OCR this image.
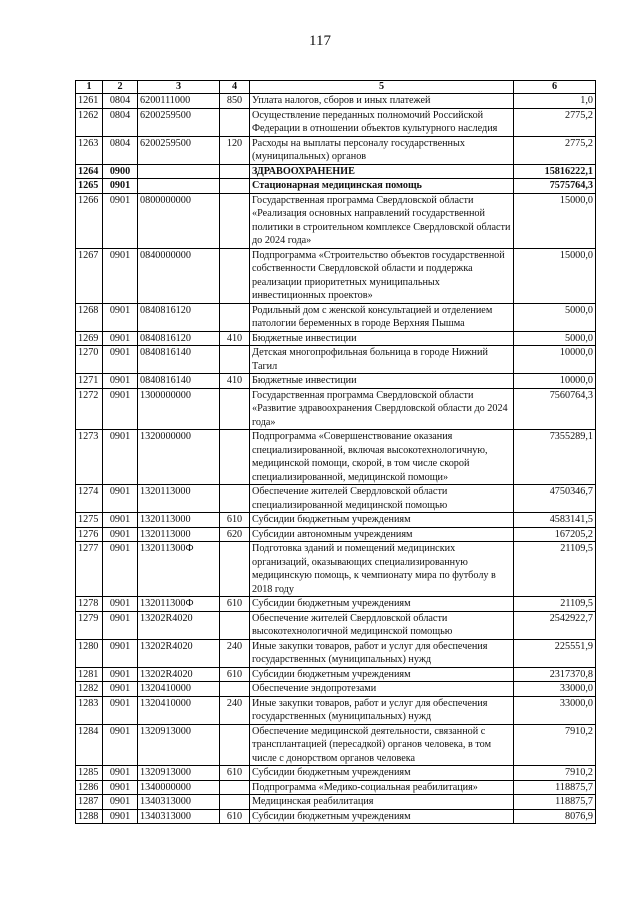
117
1	2	3	4	5	6
1261	0804	6200111000	850	Уплата налогов, сборов и иных платежей	1,0
1262	0804	6200259500		Осуществление переданных полномочий Российской Федерации в отношении объектов культурного наследия	2775,2
1263	0804	6200259500	120	Расходы на выплаты персоналу государственных (муниципальных) органов	2775,2
1264	0900			ЗДРАВООХРАНЕНИЕ	15816222,1
1265	0901			Стационарная медицинская помощь	7575764,3
1266	0901	0800000000		Государственная программа Свердловской области «Реализация основных направлений государственной политики в строительном комплексе Свердловской области до 2024 года»	15000,0
1267	0901	0840000000		Подпрограмма «Строительство объектов государственной собственности Свердловской области и поддержка реализации приоритетных муниципальных инвестиционных проектов»	15000,0
1268	0901	0840816120		Родильный дом с женской консультацией и отделением патологии беременных в городе Верхняя Пышма	5000,0
1269	0901	0840816120	410	Бюджетные инвестиции	5000,0
1270	0901	0840816140		Детская многопрофильная больница в городе Нижний Тагил	10000,0
1271	0901	0840816140	410	Бюджетные инвестиции	10000,0
1272	0901	1300000000		Государственная программа Свердловской области «Развитие здравоохранения Свердловской области до 2024 года»	7560764,3
1273	0901	1320000000		Подпрограмма «Совершенствование оказания специализированной, включая высокотехнологичную, медицинской помощи, скорой, в том числе скорой специализированной, медицинской помощи»	7355289,1
1274	0901	1320113000		Обеспечение жителей Свердловской области специализированной медицинской помощью	4750346,7
1275	0901	1320113000	610	Субсидии бюджетным учреждениям	4583141,5
1276	0901	1320113000	620	Субсидии автономным учреждениям	167205,2
1277	0901	132011300Ф		Подготовка зданий и помещений медицинских организаций, оказывающих специализированную медицинскую помощь, к чемпионату мира по футболу в 2018 году	21109,5
1278	0901	132011300Ф	610	Субсидии бюджетным учреждениям	21109,5
1279	0901	13202R4020		Обеспечение жителей Свердловской области высокотехнологичной медицинской помощью	2542922,7
1280	0901	13202R4020	240	Иные закупки товаров, работ и услуг для обеспечения государственных (муниципальных) нужд	225551,9
1281	0901	13202R4020	610	Субсидии бюджетным учреждениям	2317370,8
1282	0901	1320410000		Обеспечение эндопротезами	33000,0
1283	0901	1320410000	240	Иные закупки товаров, работ и услуг для обеспечения государственных (муниципальных) нужд	33000,0
1284	0901	1320913000		Обеспечение медицинской деятельности, связанной с трансплантацией (пересадкой) органов человека, в том числе с донорством органов человека	7910,2
1285	0901	1320913000	610	Субсидии бюджетным учреждениям	7910,2
1286	0901	1340000000		Подпрограмма «Медико-социальная реабилитация»	118875,7
1287	0901	1340313000		Медицинская реабилитация	118875,7
1288	0901	1340313000	610	Субсидии бюджетным учреждениям	8076,9
